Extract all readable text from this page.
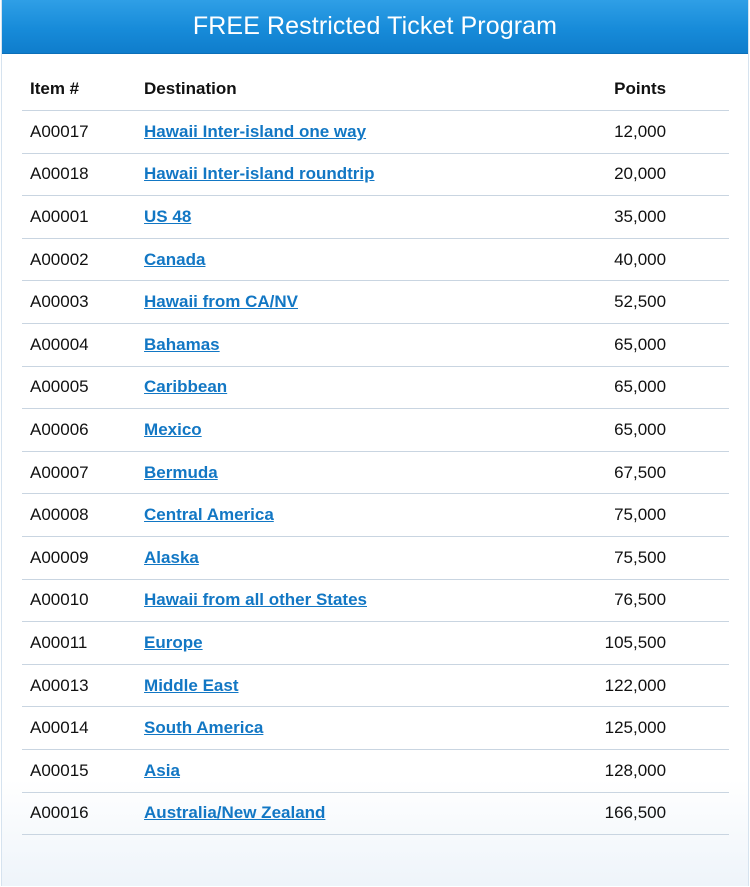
FREE Restricted Ticket Program
Item #	Destination	Points
A00017	Hawaii Inter-island one way	12,000
A00018	Hawaii Inter-island roundtrip	20,000
A00001	US 48	35,000
A00002	Canada	40,000
A00003	Hawaii from CA/NV	52,500
A00004	Bahamas	65,000
A00005	Caribbean	65,000
A00006	Mexico	65,000
A00007	Bermuda	67,500
A00008	Central America	75,000
A00009	Alaska	75,500
A00010	Hawaii from all other States	76,500
A00011	Europe	105,500
A00013	Middle East	122,000
A00014	South America	125,000
A00015	Asia	128,000
A00016	Australia/New Zealand	166,500
